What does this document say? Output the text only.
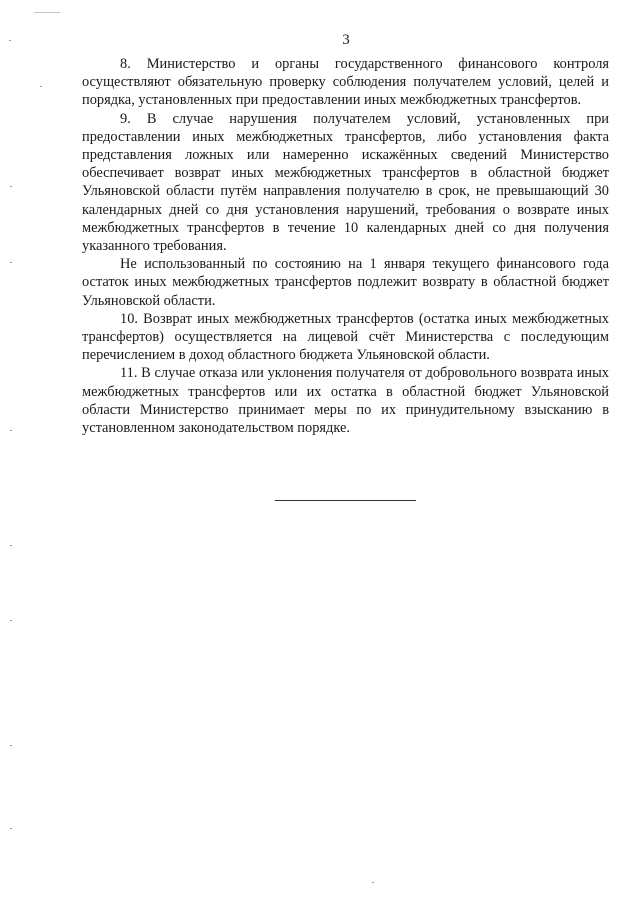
3

8. Министерство и органы государственного финансового контроля осуществляют обязательную проверку соблюдения получателем условий, целей и порядка, установленных при предоставлении иных межбюджетных трансфертов.

9. В случае нарушения получателем условий, установленных при предоставлении иных межбюджетных трансфертов, либо установления факта представления ложных или намеренно искажённых сведений Министерство обеспечивает возврат иных межбюджетных трансфертов в областной бюджет Ульяновской области путём направления получателю в срок, не превышающий 30 календарных дней со дня установления нарушений, требования о возврате иных межбюджетных трансфертов в течение 10 календарных дней со дня получения указанного требования.

Не использованный по состоянию на 1 января текущего финансового года остаток иных межбюджетных трансфертов подлежит возврату в областной бюджет Ульяновской области.

10. Возврат иных межбюджетных трансфертов (остатка иных межбюджетных трансфертов) осуществляется на лицевой счёт Министерства с последующим перечислением в доход областного бюджета Ульяновской области.

11. В случае отказа или уклонения получателя от добровольного возврата иных межбюджетных трансфертов или их остатка в областной бюджет Ульяновской области Министерство принимает меры по их принудительному взысканию в установленном законодательством порядке.
